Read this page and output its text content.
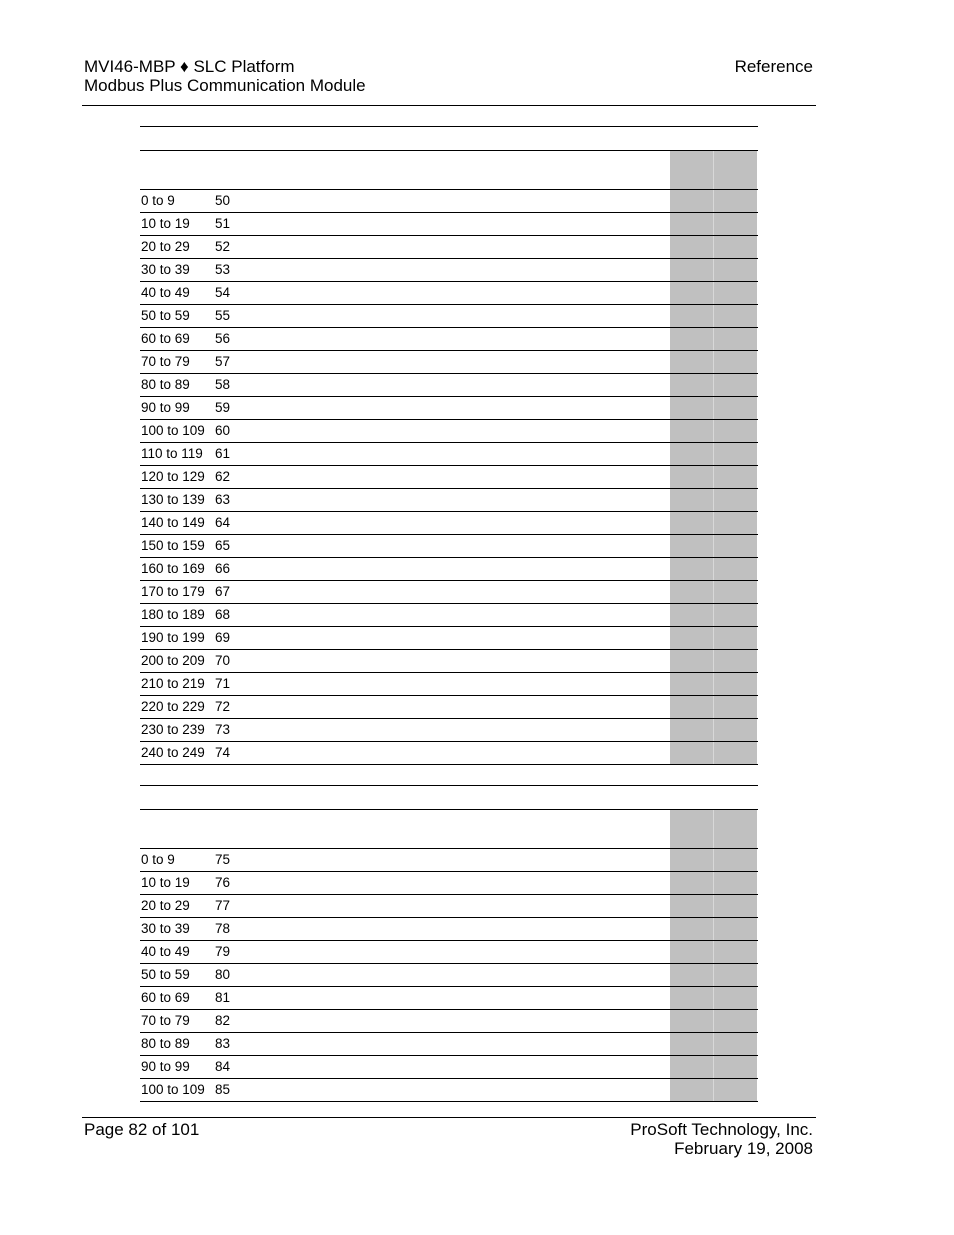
MVI46-MBP ♦ SLC Platform
Modbus Plus Communication Module
Reference
0 to 9	50
10 to 19 51
20 to 29 52
30 to 39 53
40 to 49 54
50 to 59 55
60 to 69 56
70 to 79 57
80 to 89 58
90 to 99 59
100 to 109 60
110 to 119 61
120 to 129 62
130 to 139 63
140 to 149 64
150 to 159 65
160 to 169 66
170 to 179 67
180 to 189 68
190 to 199 69
200 to 209 70
210 to 219 71
220 to 229 72
230 to 239 73
240 to 249 74
0 to 9	75
10 to 19 76
20 to 29 77
30 to 39 78
40 to 49 79
50 to 59 80
60 to 69 81
70 to 79 82
80 to 89 83
90 to 99 84
100 to 109 85
Page 82 of 101	ProSoft Technology, Inc.
February 19, 2008
